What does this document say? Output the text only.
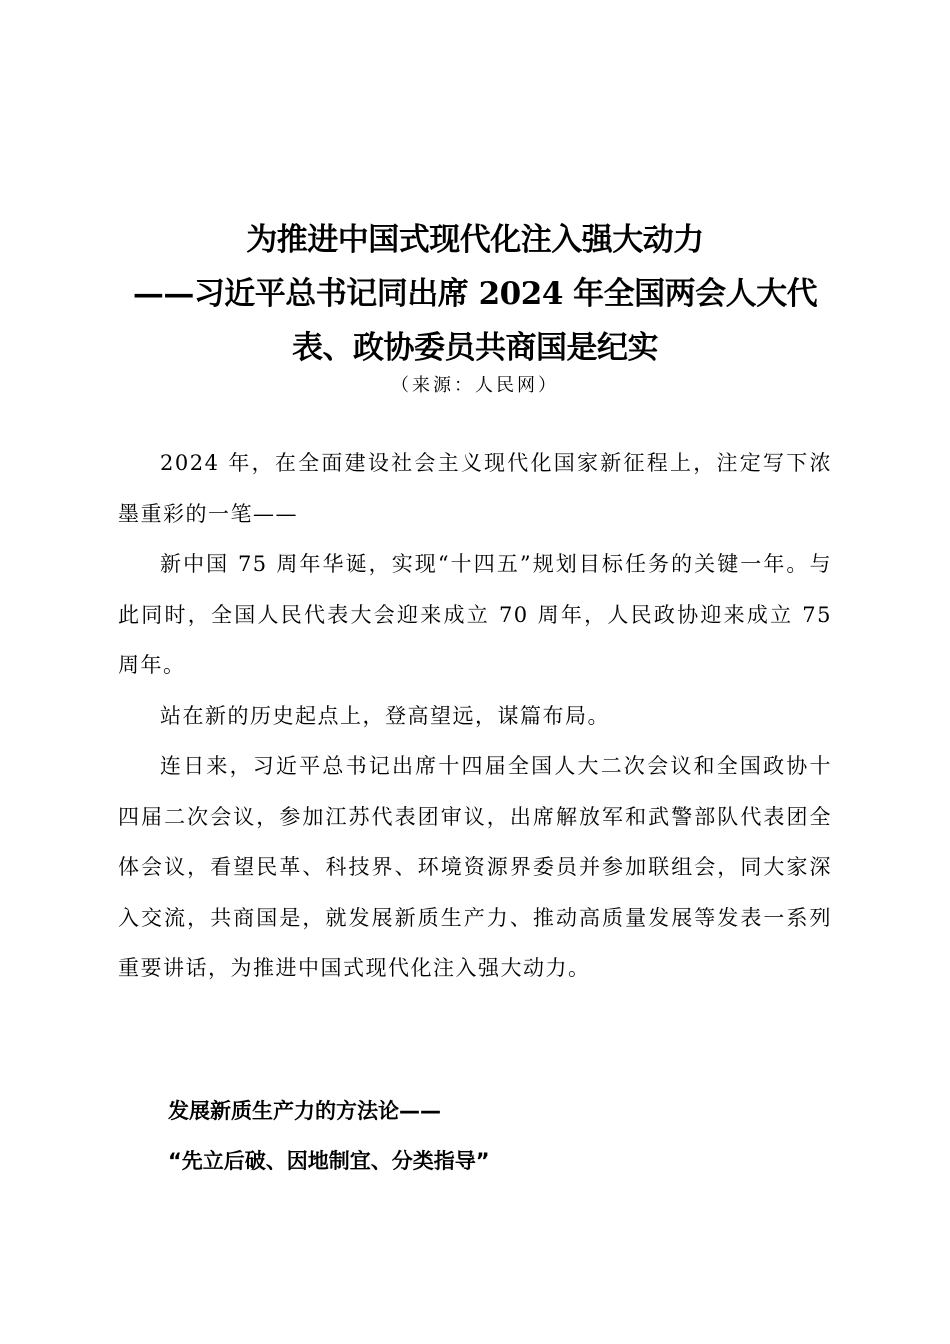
为推进中国式现代化注入强大动力
——习近平总书记同出席 2024 年全国两会人大代
表、政协委员共商国是纪实
（来源：人民网）

2024 年，在全面建设社会主义现代化国家新征程上，注定写下浓墨重彩的一笔——

新中国 75 周年华诞，实现“十四五”规划目标任务的关键一年。与此同时，全国人民代表大会迎来成立 70 周年，人民政协迎来成立 75 周年。

站在新的历史起点上，登高望远，谋篇布局。

连日来，习近平总书记出席十四届全国人大二次会议和全国政协十四届二次会议，参加江苏代表团审议，出席解放军和武警部队代表团全体会议，看望民革、科技界、环境资源界委员并参加联组会，同大家深入交流，共商国是，就发展新质生产力、推动高质量发展等发表一系列重要讲话，为推进中国式现代化注入强大动力。

发展新质生产力的方法论——
“先立后破、因地制宜、分类指导”
